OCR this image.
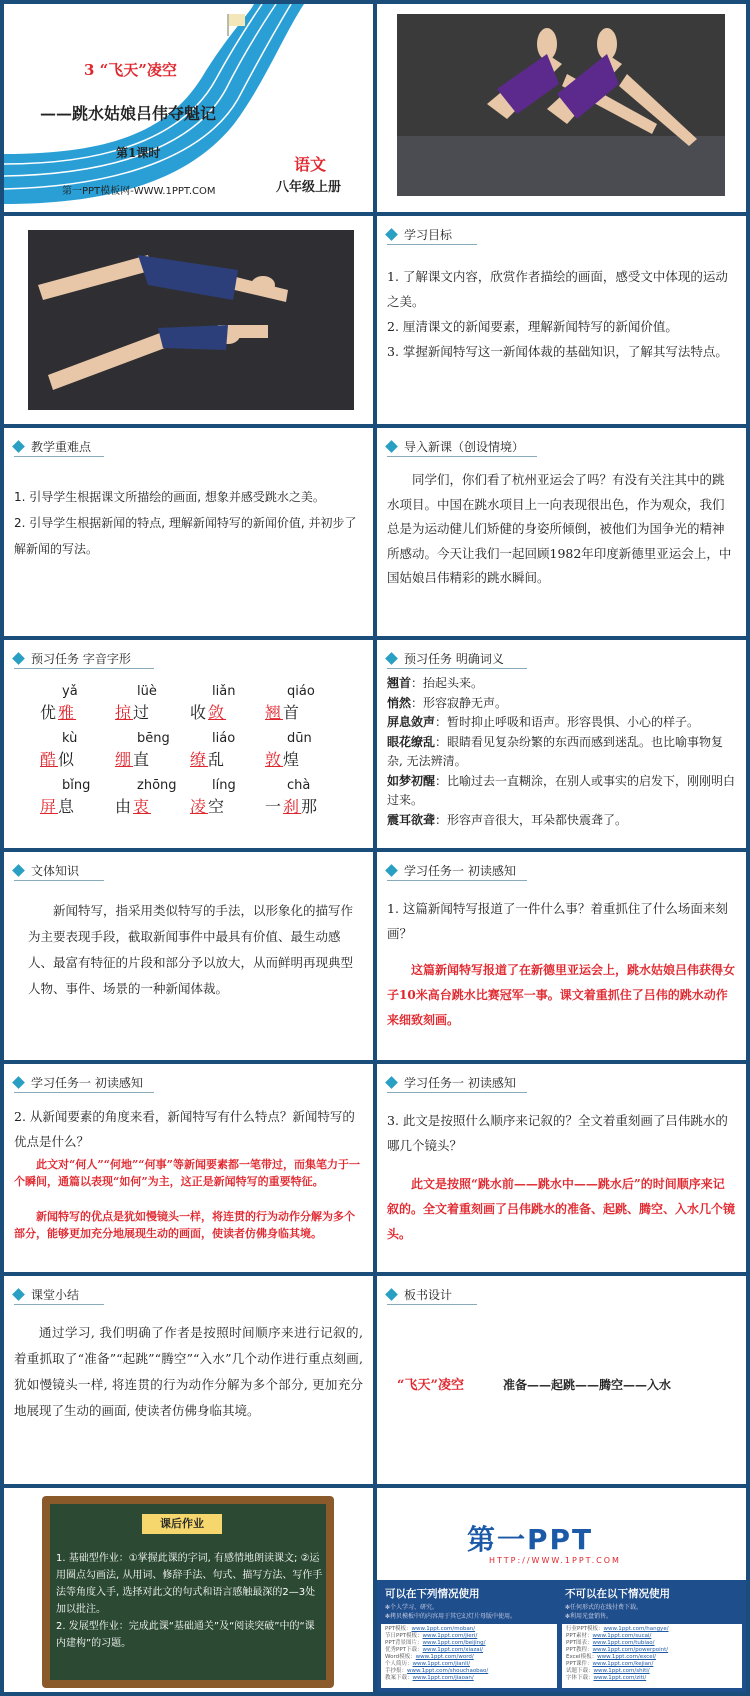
3 “飞天”凌空
——跳水姑娘吕伟夺魁记
第1课时
第一PPT模板网-WWW.1PPT.COM
语文
八年级上册
学习目标
1. 了解课文内容，欣赏作者描绘的画面，感受文中体现的运动之美。
2. 厘清课文的新闻要素，理解新闻特写的新闻价值。
3. 掌握新闻特写这一新闻体裁的基础知识，了解其写法特点。
教学重难点
1. 引导学生根据课文所描绘的画面, 想象并感受跳水之美。
2. 引导学生根据新闻的特点, 理解新闻特写的新闻价值, 并初步了解新闻的写法。
导入新课（创设情境）
同学们，你们看了杭州亚运会了吗？有没有关注其中的跳水项目。中国在跳水项目上一向表现很出色，作为观众，我们总是为运动健儿们矫健的身姿所倾倒，被他们为国争光的精神所感动。今天让我们一起回顾1982年印度新德里亚运会上，中国姑娘吕伟精彩的跳水瞬间。
预习任务 字音字形
yǎ
优雅
lüè
掠过
liǎn
收敛
qiáo
翘首
kù
酷似
bēng
绷直
liáo
缭乱
dūn
敦煌
bǐng
屏息
zhōng
由衷
líng
凌空
chà
一刹那
预习任务 明确词义
翘首：抬起头来。
悄然：形容寂静无声。
屏息敛声：暂时抑止呼吸和语声。形容畏惧、小心的样子。
眼花缭乱：眼睛看见复杂纷繁的东西而感到迷乱。也比喻事物复杂, 无法辨清。
如梦初醒：比喻过去一直糊涂，在别人或事实的启发下，刚刚明白过来。
震耳欲聋：形容声音很大，耳朵都快震聋了。
文体知识
新闻特写，指采用类似特写的手法，以形象化的描写作为主要表现手段，截取新闻事件中最具有价值、最生动感人、最富有特征的片段和部分予以放大，从而鲜明再现典型人物、事件、场景的一种新闻体裁。
学习任务一 初读感知
1. 这篇新闻特写报道了一件什么事？着重抓住了什么场面来刻画？
这篇新闻特写报道了在新德里亚运会上，跳水姑娘吕伟获得女子10米高台跳水比赛冠军一事。课文着重抓住了吕伟的跳水动作来细致刻画。
学习任务一 初读感知
2. 从新闻要素的角度来看，新闻特写有什么特点？新闻特写的优点是什么？
此文对“何人”“何地”“何事”等新闻要素都一笔带过，而集笔力于一个瞬间，通篇以表现“如何”为主，这正是新闻特写的重要特征。
新闻特写的优点是犹如慢镜头一样，将连贯的行为动作分解为多个部分，能够更加充分地展现生动的画面，使读者仿佛身临其境。
学习任务一 初读感知
3. 此文是按照什么顺序来记叙的？全文着重刻画了吕伟跳水的哪几个镜头？
此文是按照“跳水前——跳水中——跳水后”的时间顺序来记叙的。全文着重刻画了吕伟跳水的准备、起跳、腾空、入水几个镜头。
课堂小结
通过学习, 我们明确了作者是按照时间顺序来进行记叙的, 着重抓取了“准备”“起跳”“腾空”“入水”几个动作进行重点刻画, 犹如慢镜头一样, 将连贯的行为动作分解为多个部分, 更加充分地展现了生动的画面, 使读者仿佛身临其境。
板书设计
“飞天”凌空	准备——起跳——腾空——入水
课后作业
1. 基础型作业：①掌握此课的字词, 有感情地朗读课文; ②运用圈点勾画法, 从用词、修辞手法、句式、描写方法、写作手法等角度入手, 选择对此文的句式和语言感触最深的2—3处加以批注。
2. 发展型作业：完成此课“基础通关”及“阅读突破”中的“课内建构”的习题。
第一PPT
HTTP://WWW.1PPT.COM
可以在下列情况使用
✻个人学习、研究。
✻拷贝模板中的内容用于其它幻灯片母版中使用。
不可以在以下情况使用
✻任何形式的在线付费下载。
✻利用光盘销售。
PPT模板：www.1ppt.com/moban/
节日PPT模板：www.1ppt.com/jieri/
PPT背景图片：www.1ppt.com/beijing/
优秀PPT下载：www.1ppt.com/xiazai/
Word模板：www.1ppt.com/word/
个人简历：www.1ppt.com/jianli/
手抄报：www.1ppt.com/shouchaobao/
教案下载：www.1ppt.com/jiaoan/
行业PPT模板：www.1ppt.com/hangye/
PPT素材：www.1ppt.com/sucai/
PPT图表：www.1ppt.com/tubiao/
PPT教程：www.1ppt.com/powerpoint/
Excel模板：www.1ppt.com/excel/
PPT课件：www.1ppt.com/kejian/
试题下载：www.1ppt.com/shiti/
字体下载：www.1ppt.com/ziti/
